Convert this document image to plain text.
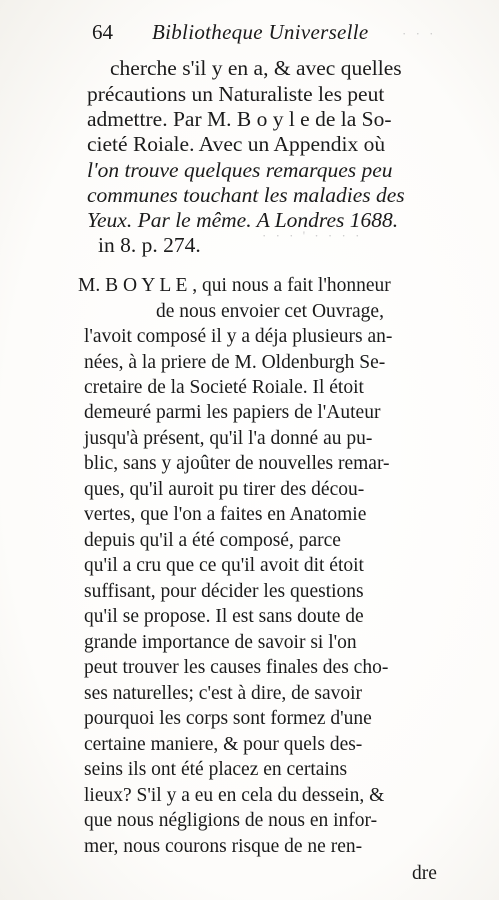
· · ·
· · · ' · · · ·
64 Bibliotheque Universelle
cherche s'il y en a, & avec quelles
précautions un Naturaliste les peut
admettre. Par M. B o y l e de la So-
cieté Roiale. Avec un Appendix où
l'on trouve quelques remarques peu
communes touchant les maladies des
Yeux. Par le même. A Londres 1688.
in 8. p. 274.
M. B O Y L E , qui nous a fait l'honneur
de nous envoier cet Ouvrage,
l'avoit composé il y a déja plusieurs an-
nées, à la priere de M. Oldenburgh Se-
cretaire de la Societé Roiale. Il étoit
demeuré parmi les papiers de l'Auteur
jusqu'à présent, qu'il l'a donné au pu-
blic, sans y ajoûter de nouvelles remar-
ques, qu'il auroit pu tirer des décou-
vertes, que l'on a faites en Anatomie
depuis qu'il a été composé, parce
qu'il a cru que ce qu'il avoit dit étoit
suffisant, pour décider les questions
qu'il se propose. Il est sans doute de
grande importance de savoir si l'on
peut trouver les causes finales des cho-
ses naturelles; c'est à dire, de savoir
pourquoi les corps sont formez d'une
certaine maniere, & pour quels des-
seins ils ont été placez en certains
lieux? S'il y a eu en cela du dessein, &
que nous négligions de nous en infor-
mer, nous courons risque de ne ren-
dre
